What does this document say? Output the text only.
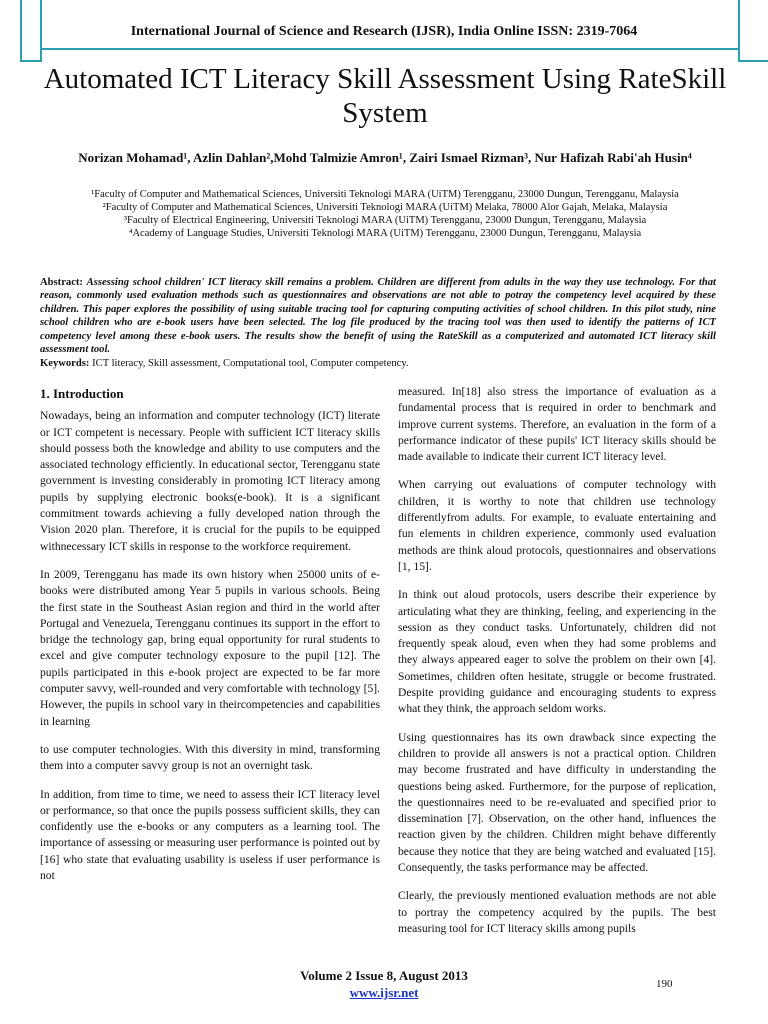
International Journal of Science and Research (IJSR), India Online ISSN: 2319-7064
Automated ICT Literacy Skill Assessment Using RateSkill System
Norizan Mohamad¹, Azlin Dahlan²,Mohd Talmizie Amron¹, Zairi Ismael Rizman³, Nur Hafizah Rabi'ah Husin⁴
¹Faculty of Computer and Mathematical Sciences, Universiti Teknologi MARA (UiTM) Terengganu, 23000 Dungun, Terengganu, Malaysia
²Faculty of Computer and Mathematical Sciences, Universiti Teknologi MARA (UiTM) Melaka, 78000 Alor Gajah, Melaka, Malaysia
³Faculty of Electrical Engineering, Universiti Teknologi MARA (UiTM) Terengganu, 23000 Dungun, Terengganu, Malaysia
⁴Academy of Language Studies, Universiti Teknologi MARA (UiTM) Terengganu, 23000 Dungun, Terengganu, Malaysia
Abstract: Assessing school children' ICT literacy skill remains a problem. Children are different from adults in the way they use technology. For that reason, commonly used evaluation methods such as questionnaires and observations are not able to potray the competency level acquired by these children. This paper explores the possibility of using suitable tracing tool for capturing computing activities of school children. In this pilot study, nine school children who are e-book users have been selected. The log file produced by the tracing tool was then used to identify the patterns of ICT competency level among these e-book users. The results show the benefit of using the RateSkill as a computerized and automated ICT literacy skill assessment tool.
Keywords: ICT literacy, Skill assessment, Computational tool, Computer competency.
1. Introduction

Nowadays, being an information and computer technology (ICT) literate or ICT competent is necessary. People with sufficient ICT literacy skills should possess both the knowledge and ability to use computers and the associated technology efficiently. In educational sector, Terengganu state government is investing considerably in promoting ICT literacy among pupils by supplying electronic books(e-book). It is a significant commitment towards achieving a fully developed nation through the Vision 2020 plan. Therefore, it is crucial for the pupils to be equipped withnecessary ICT skills in response to the workforce requirement.

In 2009, Terengganu has made its own history when 25000 units of e-books were distributed among Year 5 pupils in various schools. Being the first state in the Southeast Asian region and third in the world after Portugal and Venezuela, Terengganu continues its support in the effort to bridge the technology gap, bring equal opportunity for rural students to excel and give computer technology exposure to the pupil [12]. The pupils participated in this e-book project are expected to be far more computer savvy, well-rounded and very comfortable with technology [5]. However, the pupils in school vary in theircompetencies and capabilities in learning

to use computer technologies. With this diversity in mind, transforming them into a computer savvy group is not an overnight task.

In addition, from time to time, we need to assess their ICT literacy level or performance, so that once the pupils possess sufficient skills, they can confidently use the e-books or any computers as a learning tool. The importance of assessing or measuring user performance is pointed out by [16] who state that evaluating usability is useless if user performance is not

measured. In[18] also stress the importance of evaluation as a fundamental process that is required in order to benchmark and improve current systems. Therefore, an evaluation in the form of a performance indicator of these pupils' ICT literacy skills should be made available to indicate their current ICT literacy level.

When carrying out evaluations of computer technology with children, it is worthy to note that children use technology differentlyfrom adults. For example, to evaluate entertaining and fun elements in children experience, commonly used evaluation methods are think aloud protocols, questionnaires and observations [1, 15].

In think out aloud protocols, users describe their experience by articulating what they are thinking, feeling, and experiencing in the session as they conduct tasks. Unfortunately, children did not frequently speak aloud, even when they had some problems and they always appeared eager to solve the problem on their own [4]. Sometimes, children often hesitate, struggle or become frustrated. Despite providing guidance and encouraging students to express what they think, the approach seldom works.

Using questionnaires has its own drawback since expecting the children to provide all answers is not a practical option. Children may become frustrated and have difficulty in understanding the questions being asked. Furthermore, for the purpose of replication, the questionnaires need to be re-evaluated and specified prior to dissemination [7]. Observation, on the other hand, influences the reaction given by the children. Children might behave differently because they notice that they are being watched and evaluated [15]. Consequently, the tasks performance may be affected.

Clearly, the previously mentioned evaluation methods are not able to portray the competency acquired by the pupils. The best measuring tool for ICT literacy skills among pupils

Volume 2 Issue 8, August 2013
www.ijsr.net
190
